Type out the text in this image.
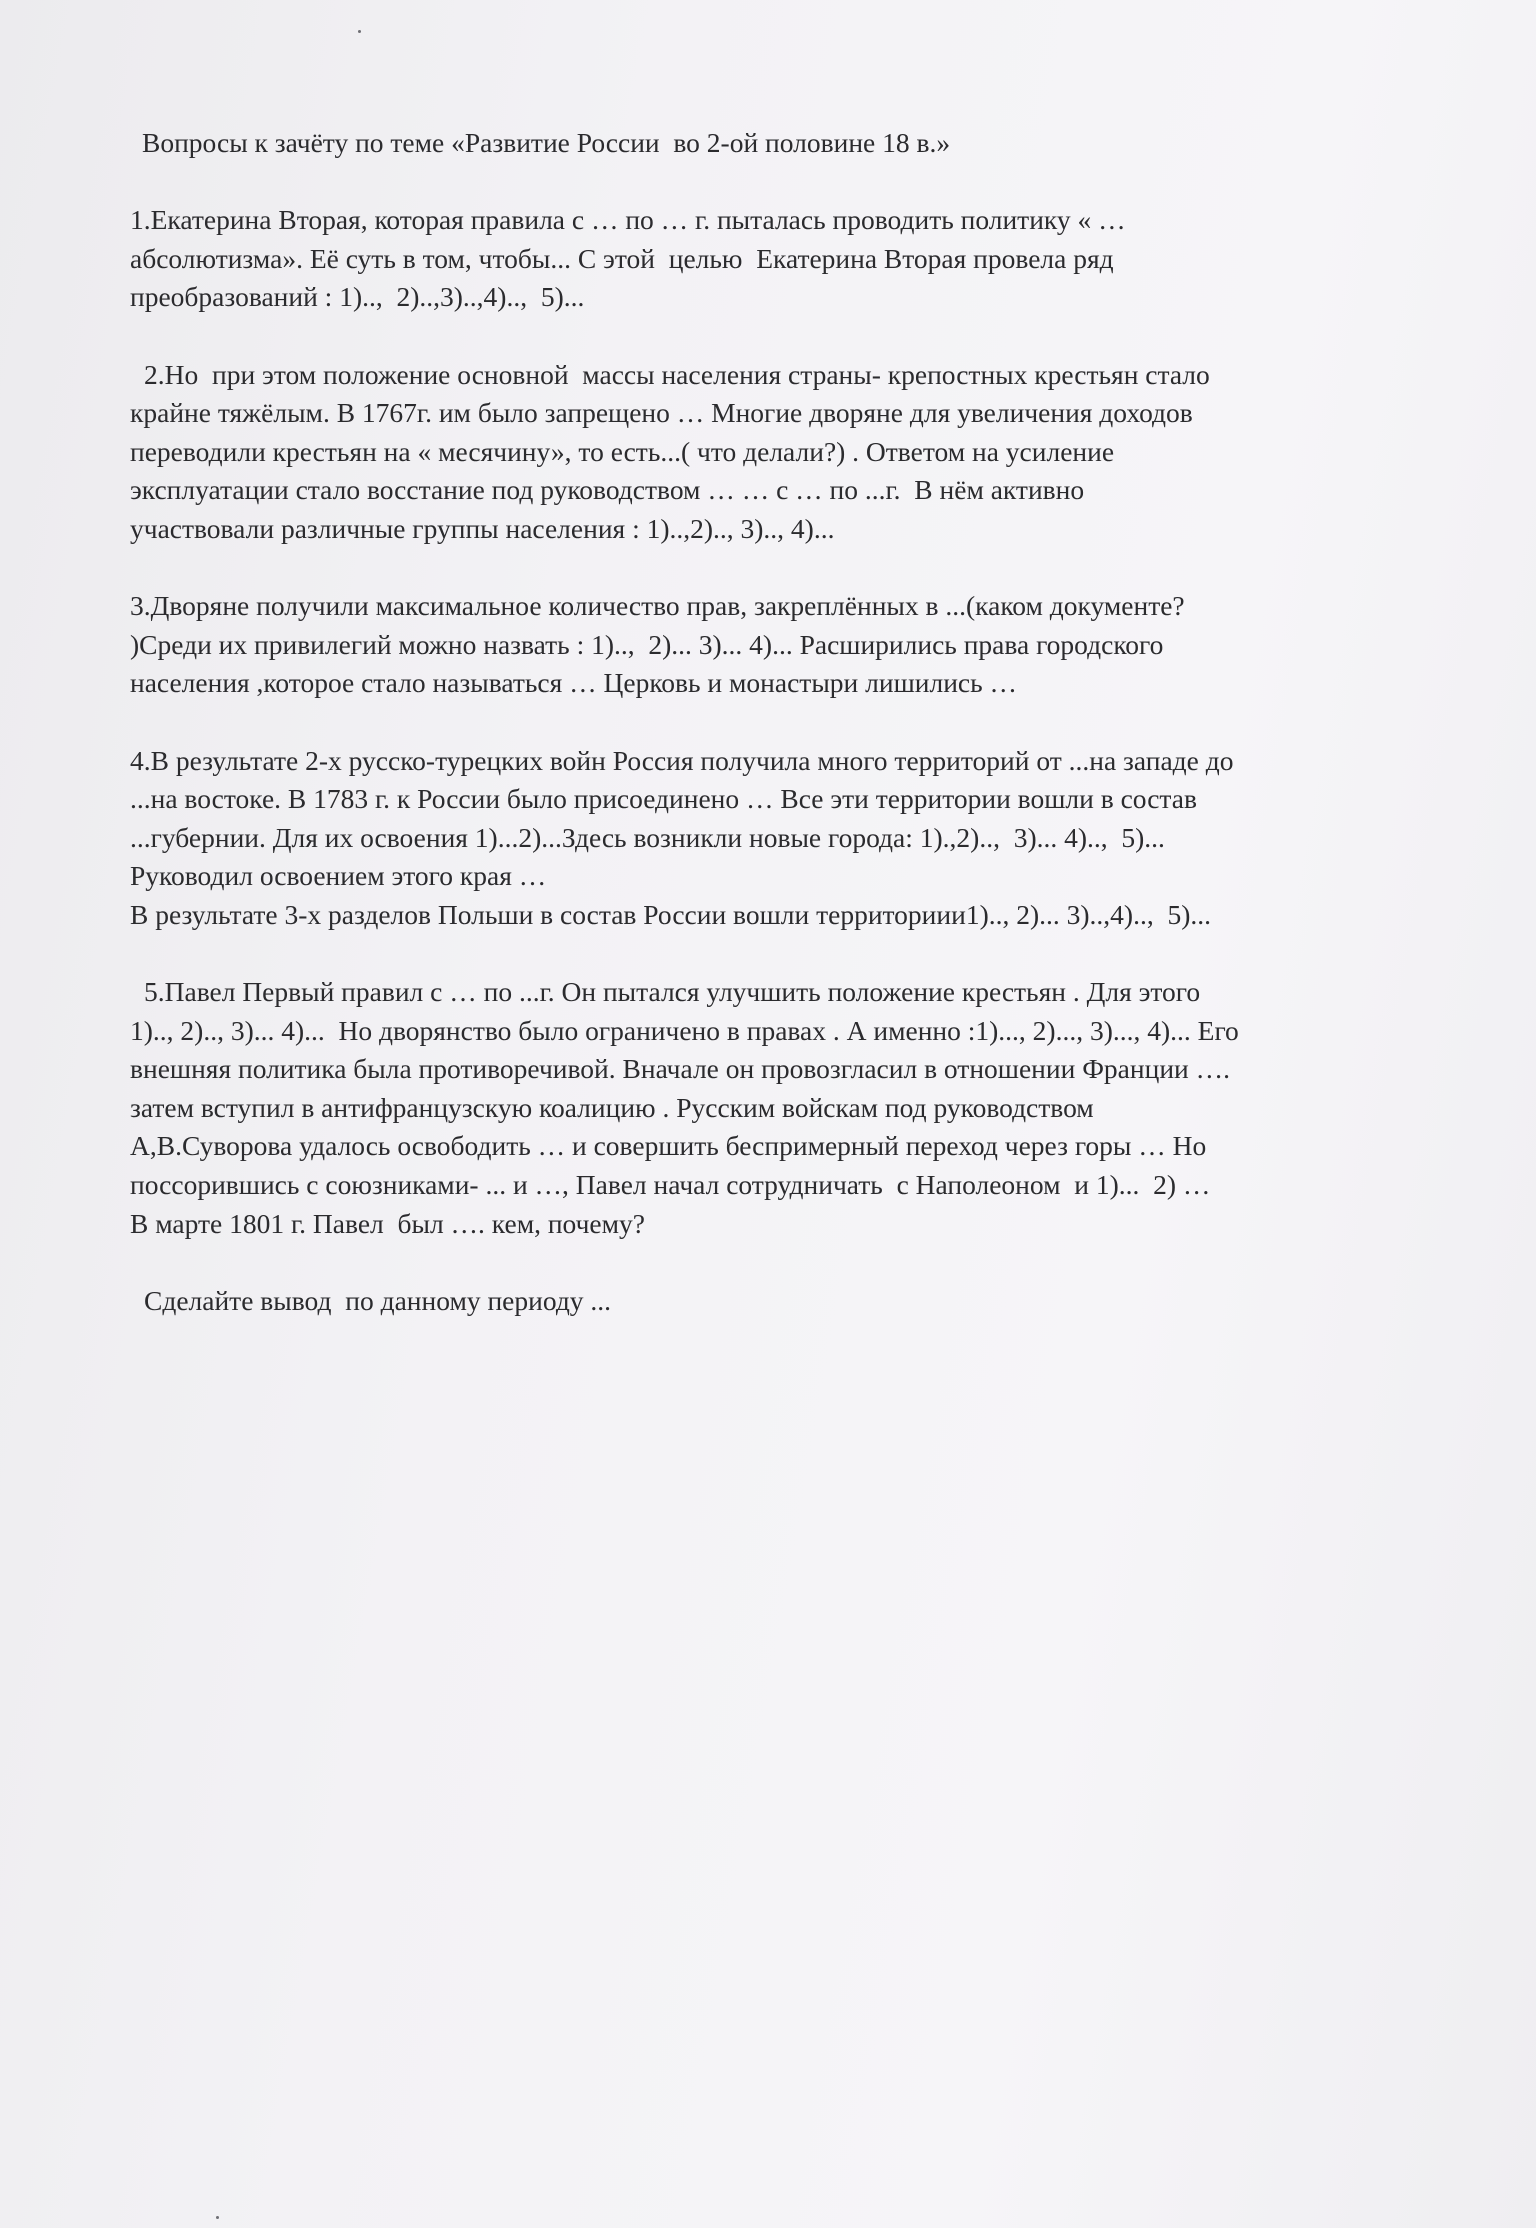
Вопросы к зачёту по теме «Развитие России  во 2-ой половине 18 в.»
1.Екатерина Вторая, которая правила с … по … г. пыталась проводить политику « …
абсолютизма». Её суть в том, чтобы... С этой  целью  Екатерина Вторая провела ряд
преобразований : 1)..,  2)..,3)..,4)..,  5)...
2.Но  при этом положение основной  массы населения страны- крепостных крестьян стало
крайне тяжёлым. В 1767г. им было запрещено … Многие дворяне для увеличения доходов
переводили крестьян на « месячину», то есть...( что делали?) . Ответом на усиление
эксплуатации стало восстание под руководством … … с … по ...г.  В нём активно
участвовали различные группы населения : 1)..,2).., 3).., 4)...
3.Дворяне получили максимальное количество прав, закреплённых в ...(каком документе?
)Среди их привилегий можно назвать : 1)..,  2)... 3)... 4)... Расширились права городского
населения ,которое стало называться … Церковь и монастыри лишились …
4.В результате 2-х русско-турецких войн Россия получила много территорий от ...на западе до
...на востоке. В 1783 г. к России было присоединено … Все эти территории вошли в состав
...губернии. Для их освоения 1)...2)...Здесь возникли новые города: 1).,2)..,  3)... 4)..,  5)...
Руководил освоением этого края …
В результате 3-х разделов Польши в состав России вошли территориии1).., 2)... 3)..,4)..,  5)...
5.Павел Первый правил с … по ...г. Он пытался улучшить положение крестьян . Для этого
1).., 2).., 3)... 4)...  Но дворянство было ограничено в правах . А именно :1)..., 2)..., 3)..., 4)... Его
внешняя политика была противоречивой. Вначале он провозгласил в отношении Франции ….
затем вступил в антифранцузскую коалицию . Русским войскам под руководством
А,В.Суворова удалось освободить … и совершить беспримерный переход через горы … Но
поссорившись с союзниками- ... и …, Павел начал сотрудничать  с Наполеоном  и 1)...  2) …
В марте 1801 г. Павел  был …. кем, почему?
Сделайте вывод  по данному периоду ...
